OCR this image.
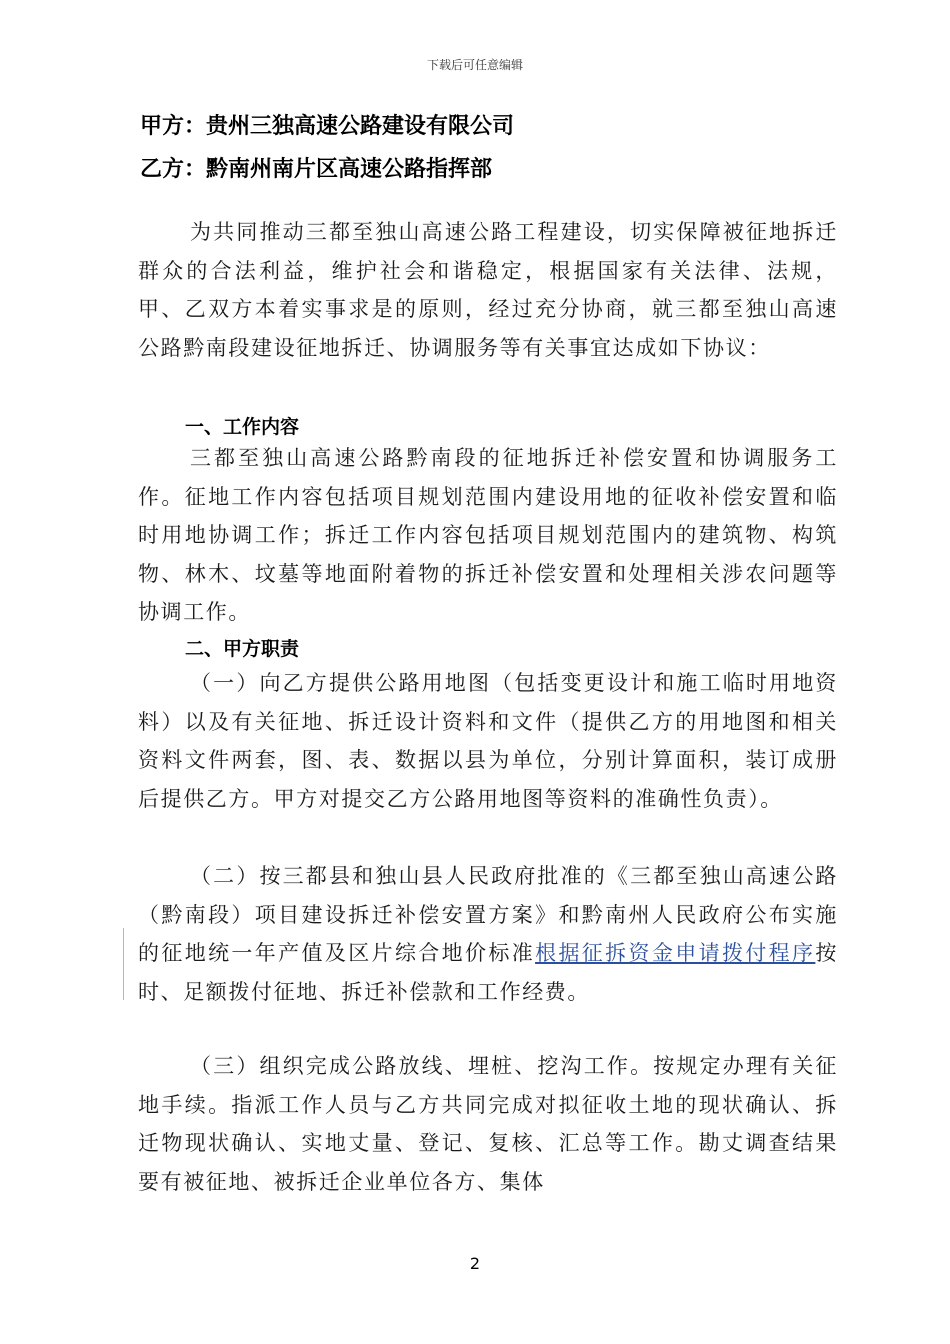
下载后可任意编辑
甲方：贵州三独高速公路建设有限公司
乙方：黔南州南片区高速公路指挥部

为共同推动三都至独山高速公路工程建设，切实保障被征地拆迁群众的合法利益，维护社会和谐稳定，根据国家有关法律、法规，甲、乙双方本着实事求是的原则，经过充分协商，就三都至独山高速公路黔南段建设征地拆迁、协调服务等有关事宜达成如下协议：

一、工作内容

三都至独山高速公路黔南段的征地拆迁补偿安置和协调服务工作。征地工作内容包括项目规划范围内建设用地的征收补偿安置和临时用地协调工作；拆迁工作内容包括项目规划范围内的建筑物、构筑物、林木、坟墓等地面附着物的拆迁补偿安置和处理相关涉农问题等协调工作。

二、甲方职责

（一）向乙方提供公路用地图（包括变更设计和施工临时用地资料）以及有关征地、拆迁设计资料和文件（提供乙方的用地图和相关资料文件两套，图、表、数据以县为单位，分别计算面积，装订成册后提供乙方。甲方对提交乙方公路用地图等资料的准确性负责）。

（二）按三都县和独山县人民政府批准的《三都至独山高速公路（黔南段）项目建设拆迁补偿安置方案》和黔南州人民政府公布实施的征地统一年产值及区片综合地价标准根据征拆资金申请拨付程序按时、足额拨付征地、拆迁补偿款和工作经费。

（三）组织完成公路放线、埋桩、挖沟工作。按规定办理有关征地手续。指派工作人员与乙方共同完成对拟征收土地的现状确认、拆迁物现状确认、实地丈量、登记、复核、汇总等工作。勘丈调查结果要有被征地、被拆迁企业单位各方、集体

2
